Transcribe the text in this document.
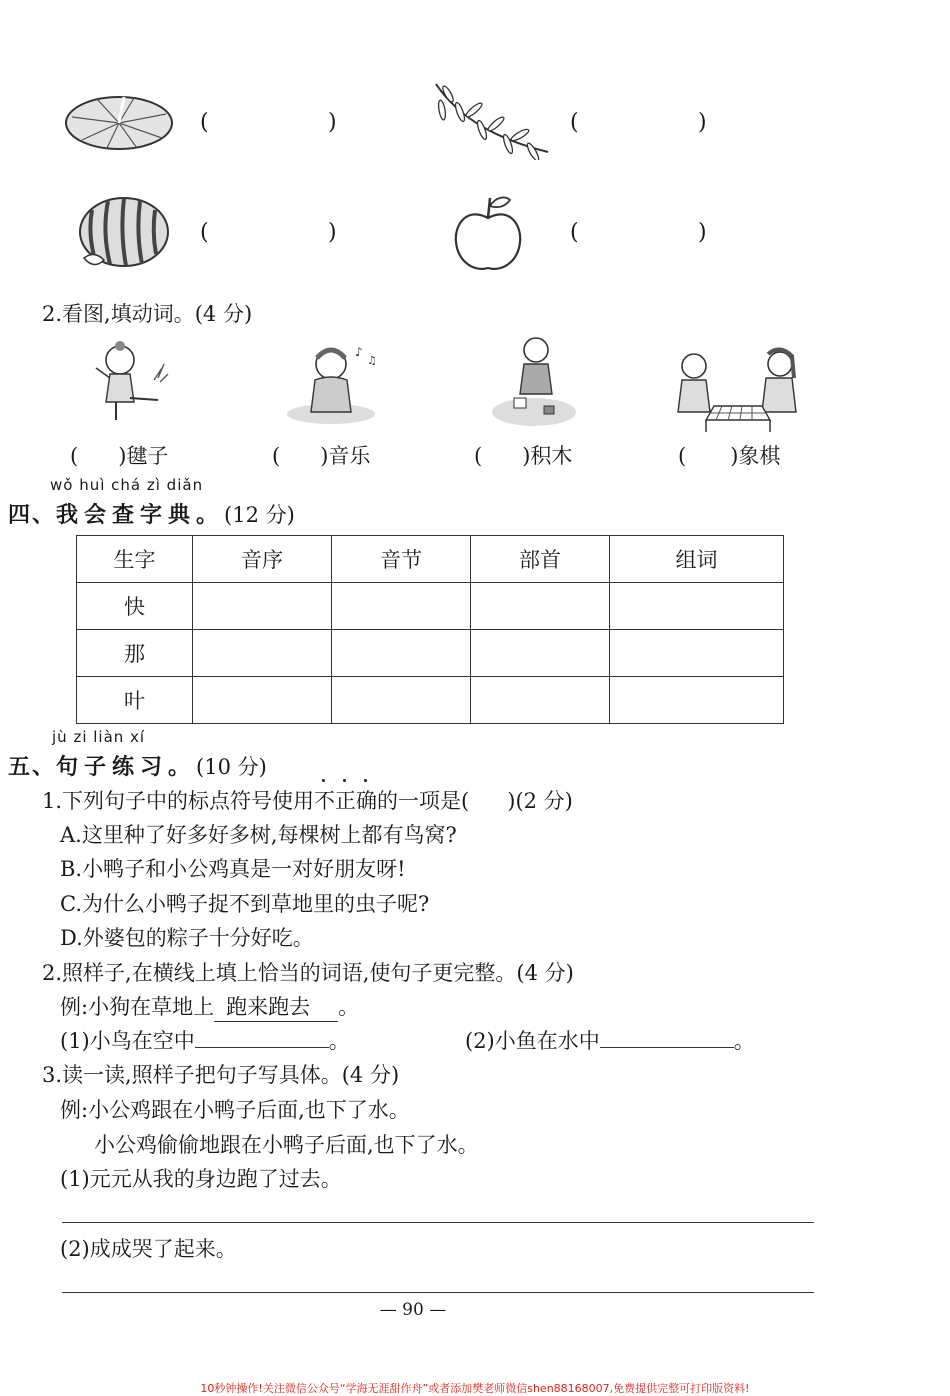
(	)	(	)
(	)	(	)
2.看图,填动词。(4 分)
♪
♫
( )毽子	( )音乐	( )积木	( )象棋
wǒ huì chá zì diǎn
四、我会查字典。(12 分)
生字	音序	音节	部首	组词
快				
那				
叶				
jù zi liàn xí
五、句子练习。(10 分)
1.下列句子中的标点符号使用
不正确的一项是( )(2 分)
A.这里种了好多好多树,每棵树上都有鸟窝?
B.小鸭子和小公鸡真是一对好朋友呀!
C.为什么小鸭子捉不到草地里的虫子呢?
D.外婆包的粽子十分好吃。
2.照样子,在横线上填上恰当的词语,使句子更完整。(4 分)
例:小狗在草地上 跑来跑去 。
(1)小鸟在空中	。	(2)小鱼在水中	。
3.读一读,照样子把句子写具体。(4 分)
例:小公鸡跟在小鸭子后面,也下了水。
小公鸡偷偷地跟在小鸭子后面,也下了水。
(1)元元从我的身边跑了过去。
(2)成成哭了起来。
— 90 —
10秒钟操作!关注微信公众号“学海无涯甜作舟”或者添加樊老师微信shen88168007,免费提供完整可打印版资料!
